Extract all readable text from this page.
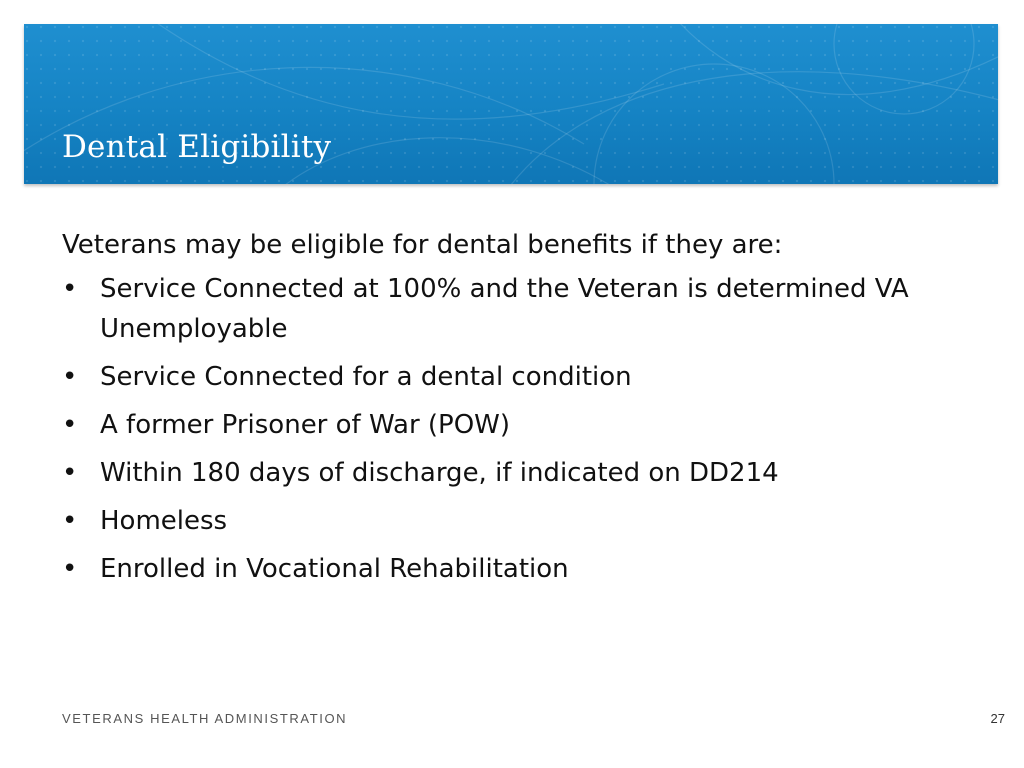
Dental Eligibility

Veterans may be eligible for dental benefits if they are:

• Service Connected at 100% and the Veteran is determined VA Unemployable
• Service Connected for a dental condition
• A former Prisoner of War (POW)
• Within 180 days of discharge, if indicated on DD214
• Homeless
• Enrolled in Vocational Rehabilitation
VETERANS HEALTH ADMINISTRATION	27
